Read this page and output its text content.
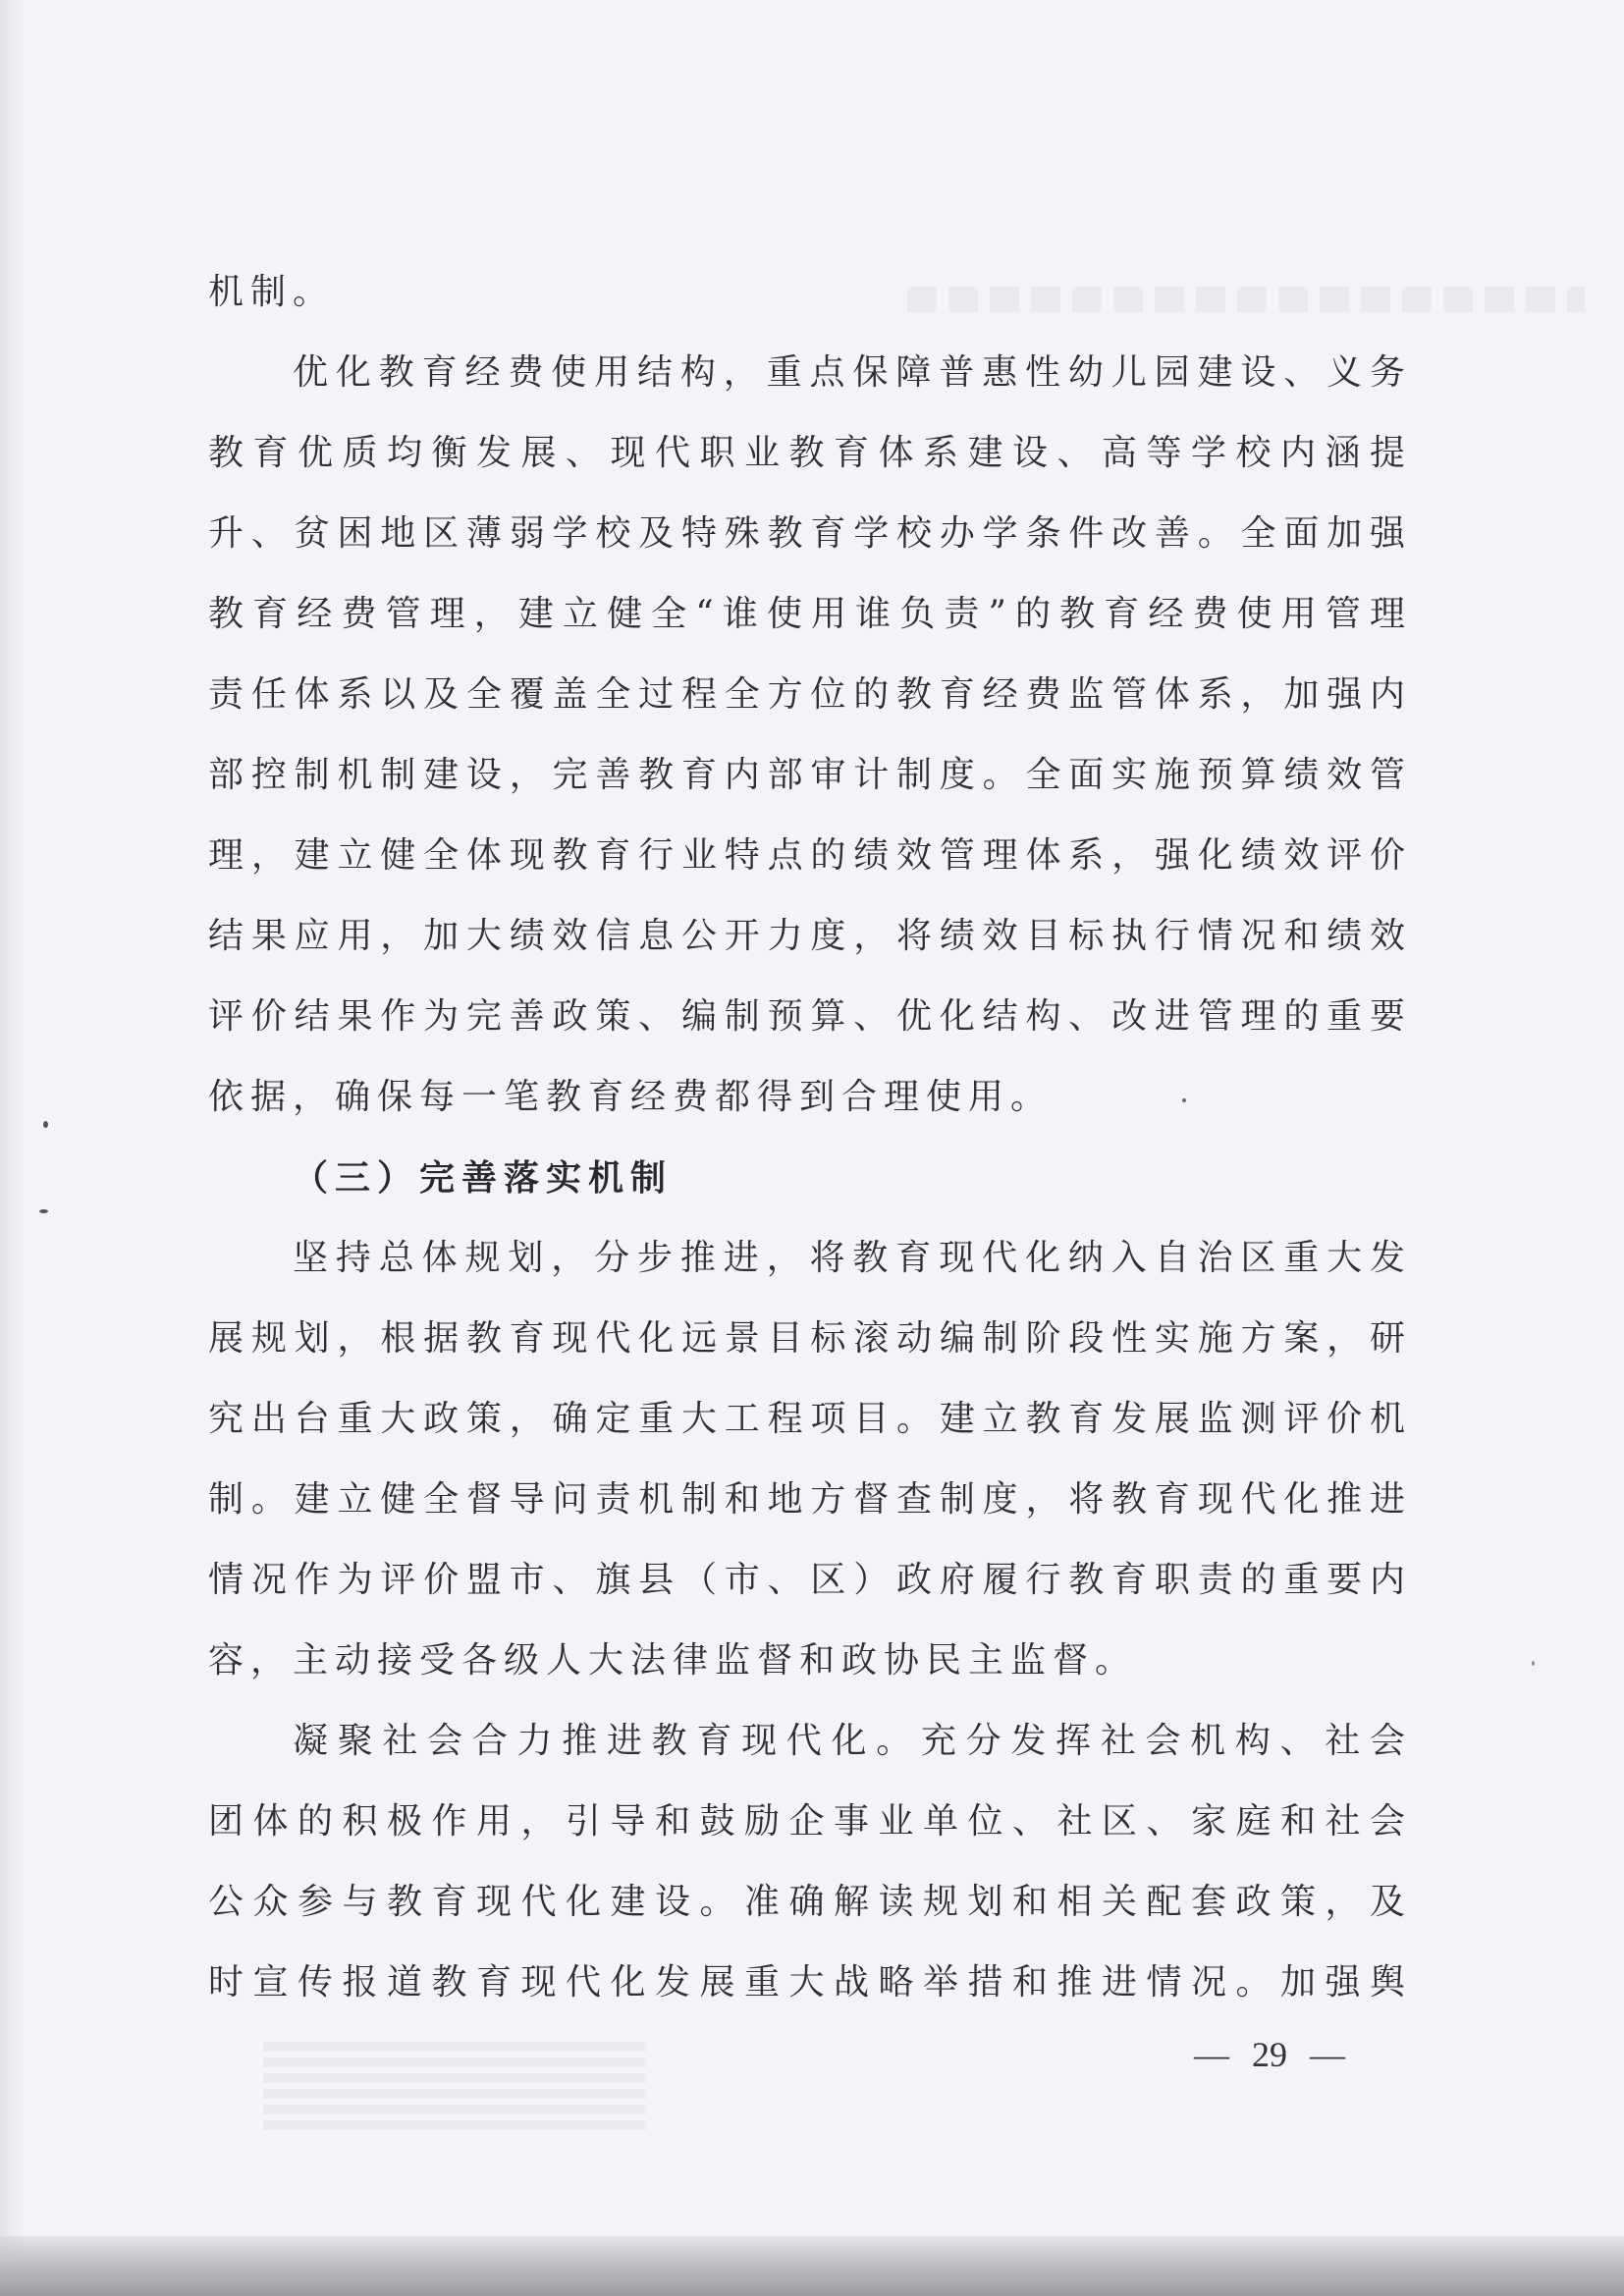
机制。
优化教育经费使用结构，重点保障普惠性幼儿园建设、义务
教育优质均衡发展、现代职业教育体系建设、高等学校内涵提
升、贫困地区薄弱学校及特殊教育学校办学条件改善。全面加强
教育经费管理，建立健全“谁使用谁负责”的教育经费使用管理
责任体系以及全覆盖全过程全方位的教育经费监管体系，加强内
部控制机制建设，完善教育内部审计制度。全面实施预算绩效管
理，建立健全体现教育行业特点的绩效管理体系，强化绩效评价
结果应用，加大绩效信息公开力度，将绩效目标执行情况和绩效
评价结果作为完善政策、编制预算、优化结构、改进管理的重要
依据，确保每一笔教育经费都得到合理使用。
（三）完善落实机制
坚持总体规划，分步推进，将教育现代化纳入自治区重大发
展规划，根据教育现代化远景目标滚动编制阶段性实施方案，研
究出台重大政策，确定重大工程项目。建立教育发展监测评价机
制。建立健全督导问责机制和地方督查制度，将教育现代化推进
情况作为评价盟市、旗县（市、区）政府履行教育职责的重要内
容，主动接受各级人大法律监督和政协民主监督。
凝聚社会合力推进教育现代化。充分发挥社会机构、社会
团体的积极作用，引导和鼓励企事业单位、社区、家庭和社会
公众参与教育现代化建设。准确解读规划和相关配套政策，及
时宣传报道教育现代化发展重大战略举措和推进情况。加强舆
— 29 —
